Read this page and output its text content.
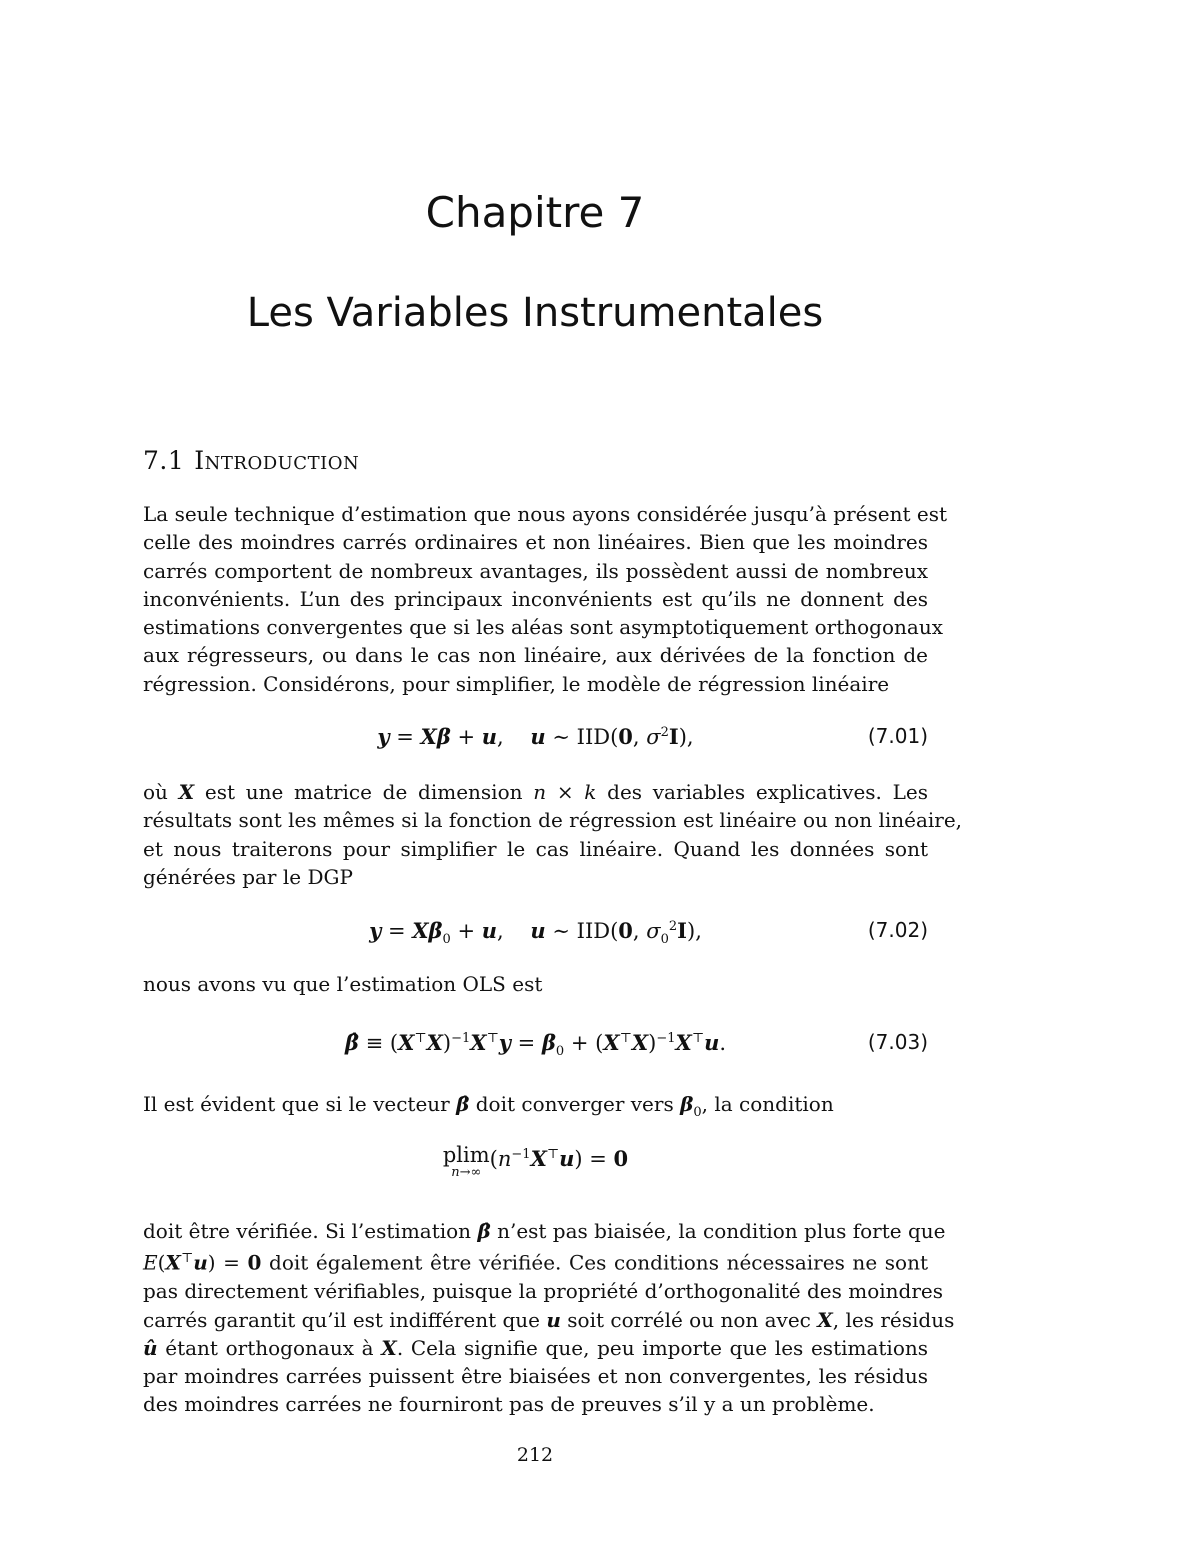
Chapitre 7
Les Variables Instrumentales
7.1 Introduction
La seule technique d’estimation que nous ayons considérée jusqu’à présent est
celle des moindres carrés ordinaires et non linéaires. Bien que les moindres
carrés comportent de nombreux avantages, ils possèdent aussi de nombreux
inconvénients. L’un des principaux inconvénients est qu’ils ne donnent des
estimations convergentes que si les aléas sont asymptotiquement orthogonaux
aux régresseurs, ou dans le cas non linéaire, aux dérivées de la fonction de
régression. Considérons, pour simplifier, le modèle de régression linéaire
y = Xβ + u,    u ∼ IID(0, $\sigma^2I$),	(7.01)
où X est une matrice de dimension n × k des variables explicatives. Les
résultats sont les mêmes si la fonction de régression est linéaire ou non linéaire,
et nous traiterons pour simplifier le cas linéaire. Quand les données sont
générées par le DGP
$y = X\beta_0 + u$,    u ∼ IID(0, $\sigma_0^2I$),	(7.02)
nous avons vu que l’estimation OLS est
β̂ ≡ $(X^⊤X)^{-1}X^⊤y = \beta_0 + (X^⊤X)^{-1}X^⊤u$.	(7.03)
Il est évident que si le vecteur β̂ doit converger vers $\beta_0$, la condition
plim
n→∞
$(n^{-1}X^⊤u) = 0$
doit être vérifiée. Si l’estimation β̂ n’est pas biaisée, la condition plus forte que
E(X⊤u) = 0 doit également être vérifiée. Ces conditions nécessaires ne sont
pas directement vérifiables, puisque la propriété d’orthogonalité des moindres
carrés garantit qu’il est indifférent que u soit corrélé ou non avec X, les résidus
û étant orthogonaux à X. Cela signifie que, peu importe que les estimations
par moindres carrées puissent être biaisées et non convergentes, les résidus
des moindres carrées ne fourniront pas de preuves s’il y a un problème.
212
